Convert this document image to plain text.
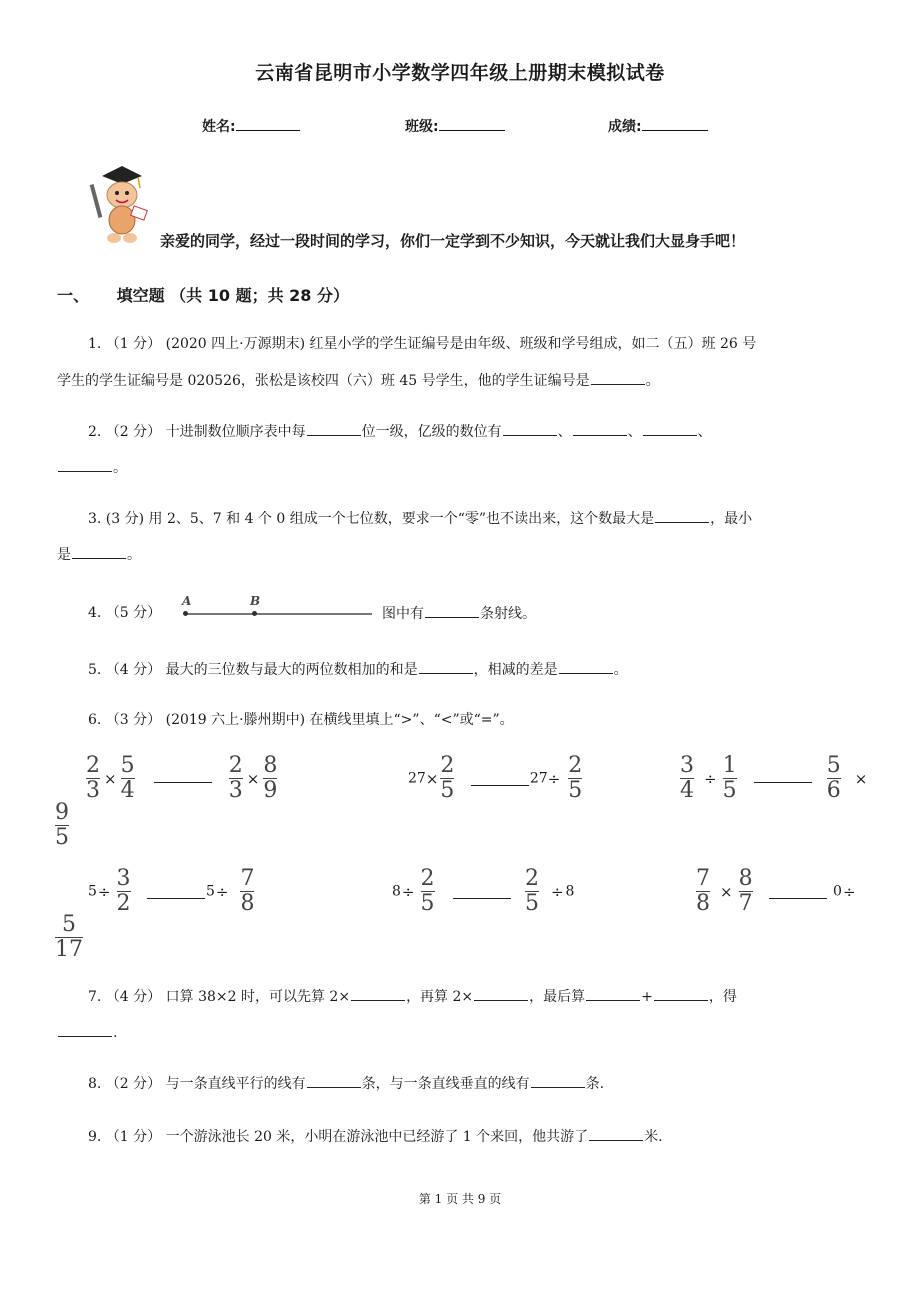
云南省昆明市小学数学四年级上册期末模拟试卷
姓名:	班级:	成绩:
亲爱的同学，经过一段时间的学习，你们一定学到不少知识，今天就让我们大显身手吧！
一、 填空题 （共 10 题；共 28 分）
1. （1 分） (2020 四上·万源期末) 红星小学的学生证编号是由年级、班级和学号组成，如二（五）班 26 号
学生的学生证编号是 020526，张松是该校四（六）班 45 号学生，他的学生证编号是	。
2. （2 分） 十进制数位顺序表中每	位一级，亿级的数位有	、	、	、
。
3. (3 分) 用 2、5、7 和 4 个 0 组成一个七位数，要求一个“零”也不读出来，这个数最大是	，最小
是	。
4. （5 分）
A	B
图中有	条射线。
5. （4 分） 最大的三位数与最大的两位数相加的和是	，相减的差是	。
6. （3 分） (2019 六上·滕州期中) 在横线里填上“>”、“<”或“=”。
$\frac{2}{3} \times \frac{5}{4}$
	$\frac{2}{3} \times \frac{8}{9}$	$27\times \frac{2}{5}$	$27\div \frac{2}{5}$	$\frac{3}{4} \div \frac{1}{5}$
	$\frac{5}{6}$ ×
$\frac{9}{5}$
$5\div \frac{3}{2}$	$5\div \frac{7}{8}$	$8\div \frac{2}{5}$
	$\frac{2}{5} \div 8$	$\frac{7}{8} \times \frac{8}{7}$	0÷
$\frac{5}{17}$
7. （4 分） 口算 38×2 时，可以先算 2×	，再算 2×	，最后算	+	，得
.
8. （2 分） 与一条直线平行的线有	条，与一条直线垂直的线有	条.
9. （1 分） 一个游泳池长 20 米，小明在游泳池中已经游了 1 个来回，他共游了	米.
第 1 页 共 9 页
